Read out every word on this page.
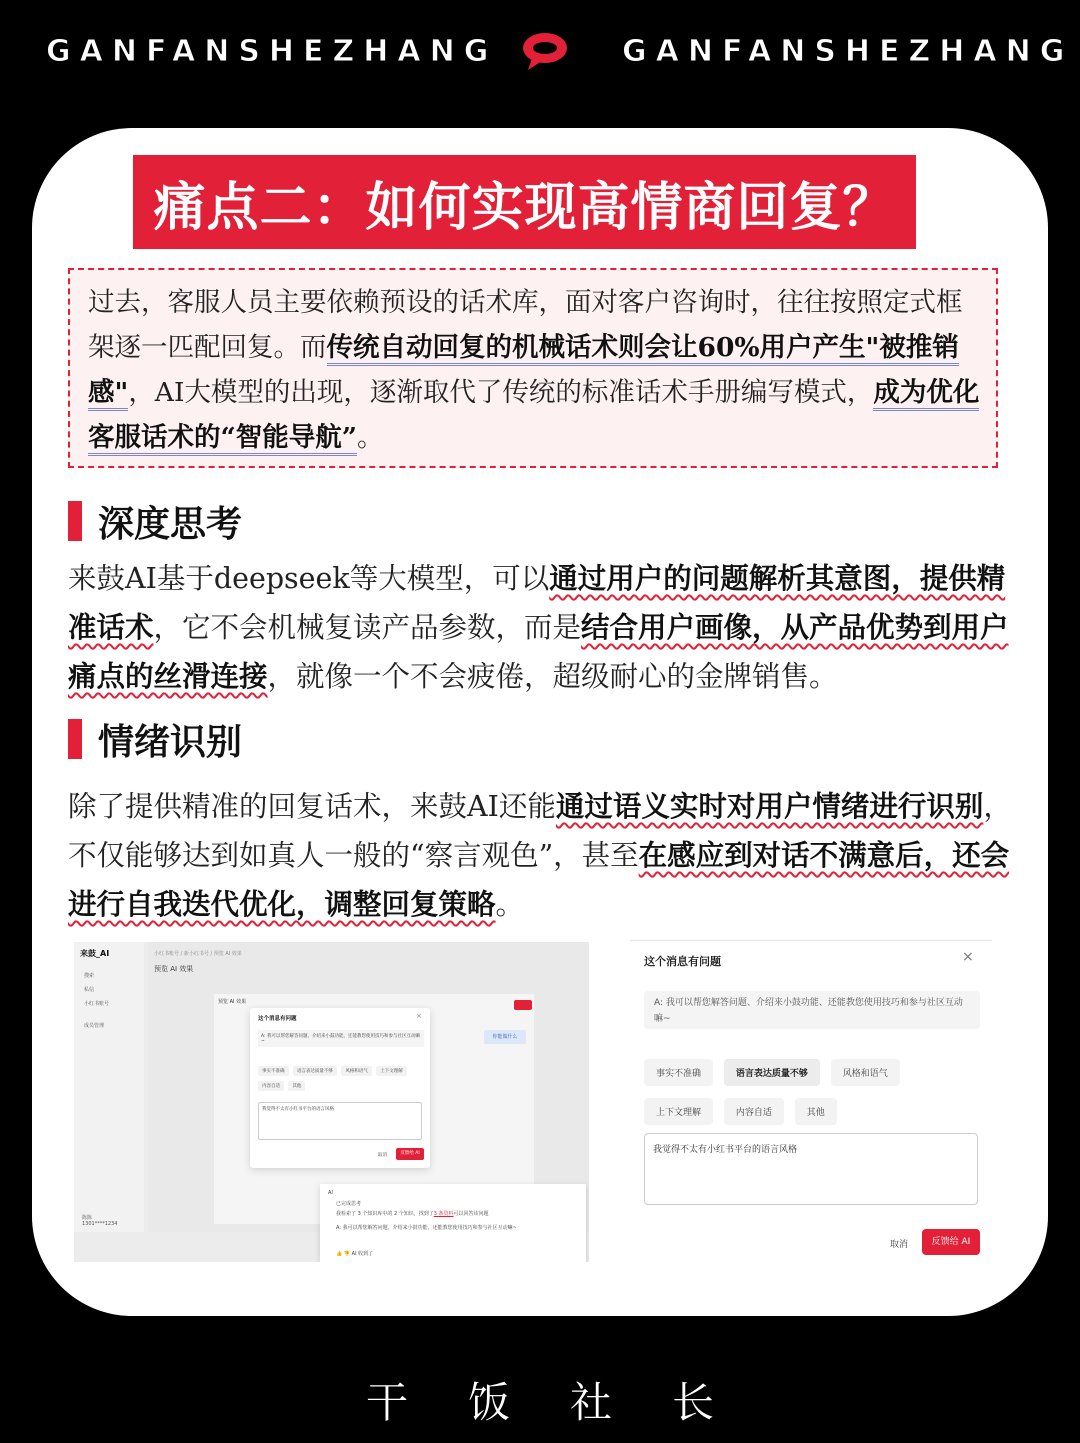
GANFANSHEZHANG	GANFANSHEZHANG
痛点二：如何实现高情商回复？
过去，客服人员主要依赖预设的话术库，面对客户咨询时，往往按照定式框架逐一匹配回复。而传统自动回复的机械话术则会让60%用户产生"被推销感"，AI大模型的出现，逐渐取代了传统的标准话术手册编写模式，成为优化客服话术的“智能导航”。
深度思考
来鼓AI基于deepseek等大模型，可以通过用户的问题解析其意图，提供精准话术，它不会机械复读产品参数，而是结合用户画像，从产品优势到用户痛点的丝滑连接，就像一个不会疲倦，超级耐心的金牌销售。
情绪识别
除了提供精准的回复话术，来鼓AI还能通过语义实时对用户情绪进行识别，不仅能够达到如真人一般的“察言观色”，甚至在感应到对话不满意后，还会进行自我迭代优化，调整回复策略。
来鼓_AI
搜索
私信
小红书账号
成员管理
陈陈
1301****1234
小红书账号 / 新小红书号 / 预览 AI 效果
预览 AI 效果
预览 AI 效果
你能做什么
这个消息有问题	×
A: 我可以帮您解答问题、介绍来小鼓功能、还能教您使用技巧和参与社区互动嘛~
事实不准确	语言表达质量不够	风格和语气	上下文理解 内容自适	其他
我觉得不太有小红书平台的语言风格
取消	反馈给 AI
AI
已完成思考
我检索了 3 个知识库中的 2 个知识，找到了3 条资料可以回答该问题
A: 我可以帮您解答问题、介绍来小鼓功能、还能教您使用技巧和参与社区互动嘛~
👍 👎 AI 收到了
这个消息有问题	×
A: 我可以帮您解答问题、介绍来小鼓功能、还能教您使用技巧和参与社区互动嘛~
事实不准确	语言表达质量不够	风格和语气 上下文理解	内容自适	其他
我觉得不太有小红书平台的语言风格
取消	反馈给 AI
干饭社长
